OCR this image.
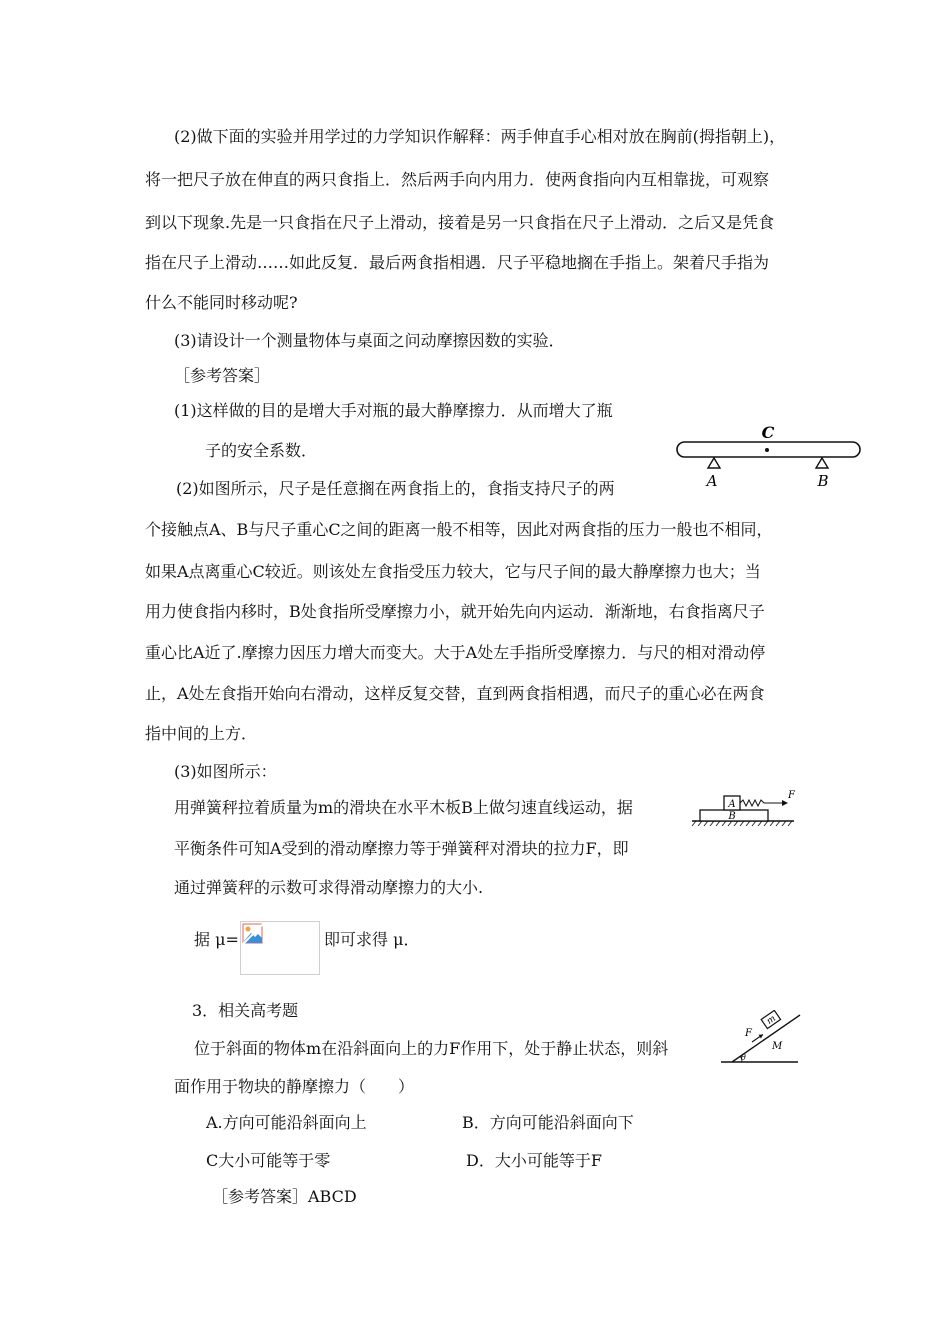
(2)做下面的实验并用学过的力学知识作解释：两手伸直手心相对放在胸前(拇指朝上)，

将一把尺子放在伸直的两只食指上．然后两手向内用力．使两食指向内互相靠拢，可观察

到以下现象.先是一只食指在尺子上滑动，接着是另一只食指在尺子上滑动．之后又是凭食

指在尺子上滑动……如此反复．最后两食指相遇．尺子平稳地搁在手指上。架着尺手指为

什么不能同时移动呢?

(3)请设计一个测量物体与桌面之问动摩擦因数的实验．

［参考答案］

(1)这样做的目的是增大手对瓶的最大静摩擦力．从而增大了瓶

子的安全系数．

(2)如图所示，尺子是任意搁在两食指上的，食指支持尺子的两

个接触点A、B与尺子重心C之间的距离一般不相等，因此对两食指的压力一般也不相同，

如果A点离重心C较近。则该处左食指受压力较大，它与尺子间的最大静摩擦力也大；当

用力使食指内移时，B处食指所受摩擦力小，就开始先向内运动．渐渐地，右食指离尺子

重心比A近了.摩擦力因压力增大而变大。大于A处左手指所受摩擦力．与尺的相对滑动停

止，A处左食指开始向右滑动，这样反复交替，直到两食指相遇，而尺子的重心必在两食

指中间的上方．

(3)如图所示：

用弹簧秤拉着质量为m的滑块在水平木板B上做匀速直线运动，据

平衡条件可知A受到的滑动摩擦力等于弹簧秤对滑块的拉力F，即

通过弹簧秤的示数可求得滑动摩擦力的大小.

据 μ=	即可求得 μ．

3．相关高考题

位于斜面的物体m在沿斜面向上的力F作用下，处于静止状态，则斜

面作用于物块的静摩擦力（　　）

A.方向可能沿斜面向上	B．方向可能沿斜面向下

C大小可能等于零	D．大小可能等于F

［参考答案］ABCD

C
A	B
A
B
F
m
F
M
θ
